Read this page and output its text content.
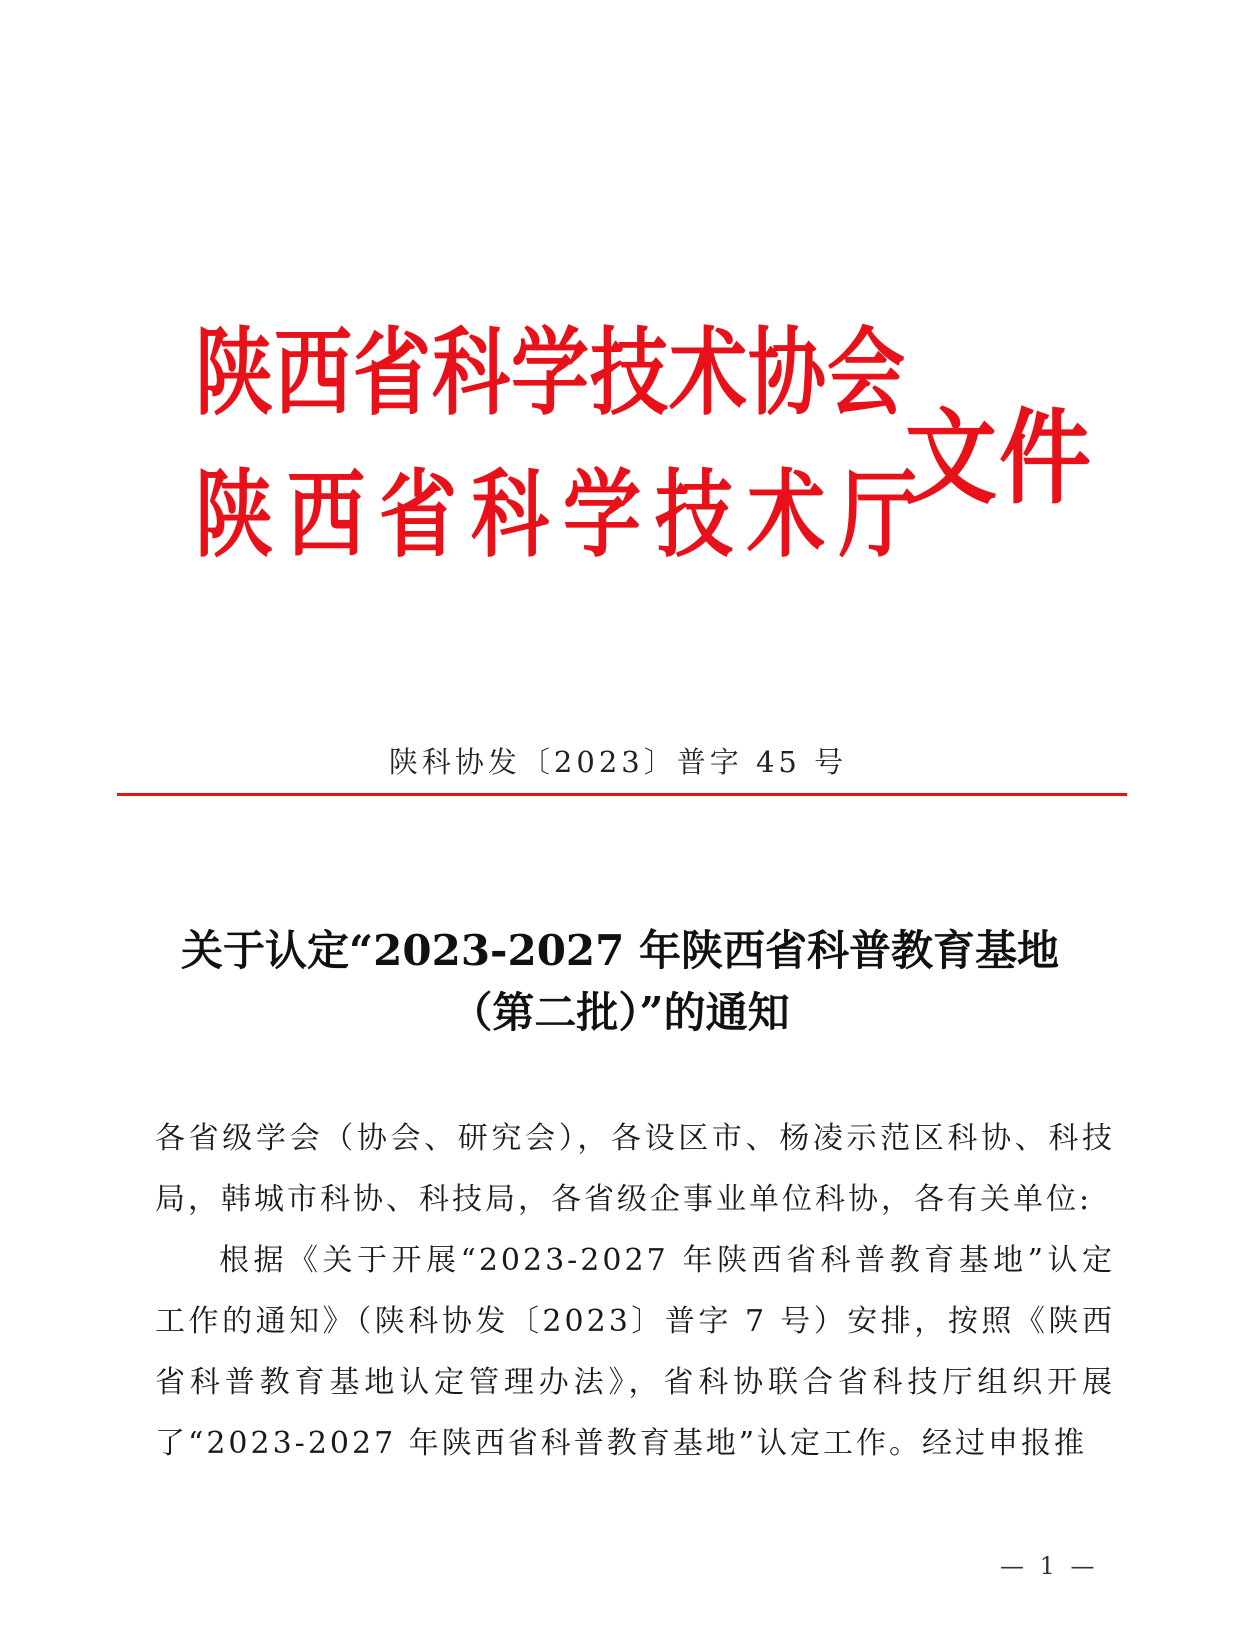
陕西省科学技术协会
陕西省科学技术厅
文件
陕科协发〔2023〕普字 45 号
关于认定“2023-2027 年陕西省科普教育基地
（第二批）”的通知

各省级学会（协会、研究会），各设区市、杨凌示范区科协、科技局，韩城市科协、科技局，各省级企事业单位科协，各有关单位:

根据《关于开展“2023-2027 年陕西省科普教育基地”认定工作的通知》（陕科协发〔2023〕普字 7 号）安排，按照《陕西省科普教育基地认定管理办法》，省科协联合省科技厅组织开展了“2023-2027 年陕西省科普教育基地”认定工作。经过申报推

— 1 —
